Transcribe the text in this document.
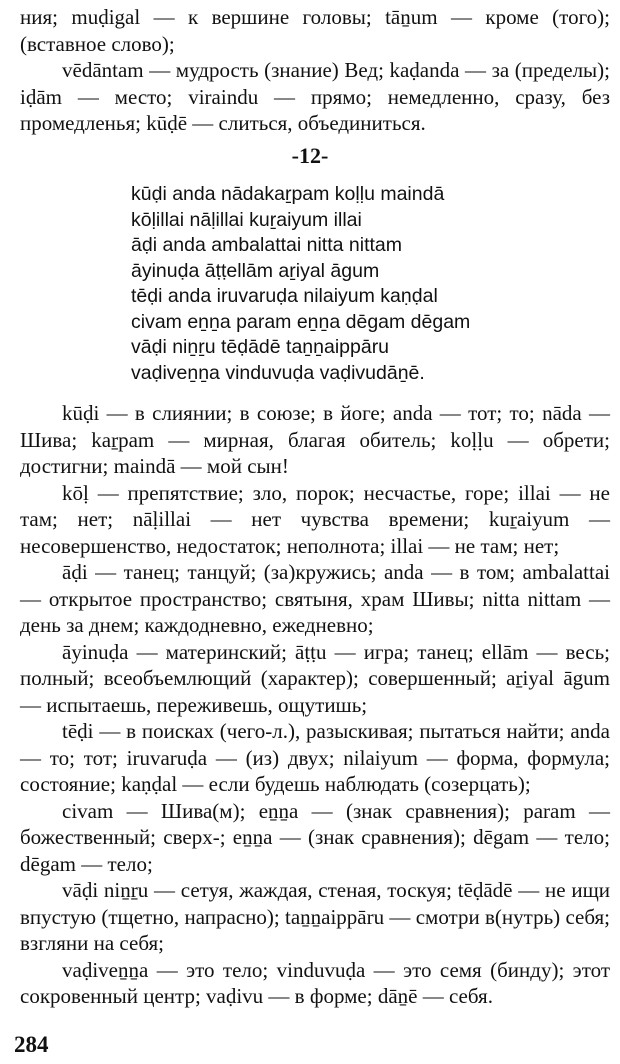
ния; muḍigal — к вершине головы; tāṉum — кроме (того); (вставное слово);

vēdāntam — мудрость (знание) Вед; kaḍanda — за (пределы); iḍām — место; viraindu — прямо; немедленно, сразу, без промедленья; kūḍē — слиться, объединиться.

-12-
kūḍi anda nādakaṟpam koḷḷu maindā
kōḷillai nāḷillai kuṟaiyum illai
āḍi anda ambalattai nitta nittam
āyinuḍa āṭṭellām aṟiyal āgum
tēḍi anda iruvaruḍa nilaiyum kaṇḍal
civam eṉṉa param eṉṉa dēgam dēgam
vāḍi niṉṟu tēḍādē taṉṉaippāru
vaḍiveṉṉa vinduvuḍa vaḍivudāṉē.

kūḍi — в слиянии; в союзе; в йоге; anda — тот; то; nāda — Шива; kaṟpam — мирная, благая обитель; koḷḷu — обрети; достигни; maindā — мой сын!

kōḷ — препятствие; зло, порок; несчастье, горе; illai — не там; нет; nāḷillai — нет чувства времени; kuṟaiyum — несовершенство, недостаток; неполнота; illai — не там; нет;

āḍi — танец; танцуй; (за)кружись; anda — в том; ambalattai — открытое пространство; святыня, храм Шивы; nitta nittam — день за днем; каждодневно, ежедневно;

āyinuḍa — материнский; āṭṭu — игра; танец; ellām — весь; полный; всеобъемлющий (характер); совершенный; aṟiyal āgum — испытаешь, переживешь, ощутишь;

tēḍi — в поисках (чего-л.), разыскивая; пытаться найти; anda — то; тот; iruvaruḍa — (из) двух; nilaiyum — форма, формула; состояние; kaṇḍal — если будешь наблюдать (созерцать);

civam — Шива(м); eṉṉa — (знак сравнения); param — божественный; сверх-; eṉṉa — (знак сравнения); dēgam — тело; dēgam — тело;

vāḍi niṉṟu — сетуя, жаждая, стеная, тоскуя; tēḍādē — не ищи впустую (тщетно, напрасно); taṉṉaippāru — смотри в(нутрь) себя; взгляни на себя;

vaḍiveṉṉa — это тело; vinduvuḍa — это семя (бинду); этот сокровенный центр; vaḍivu — в форме; dāṉē — себя.

284
